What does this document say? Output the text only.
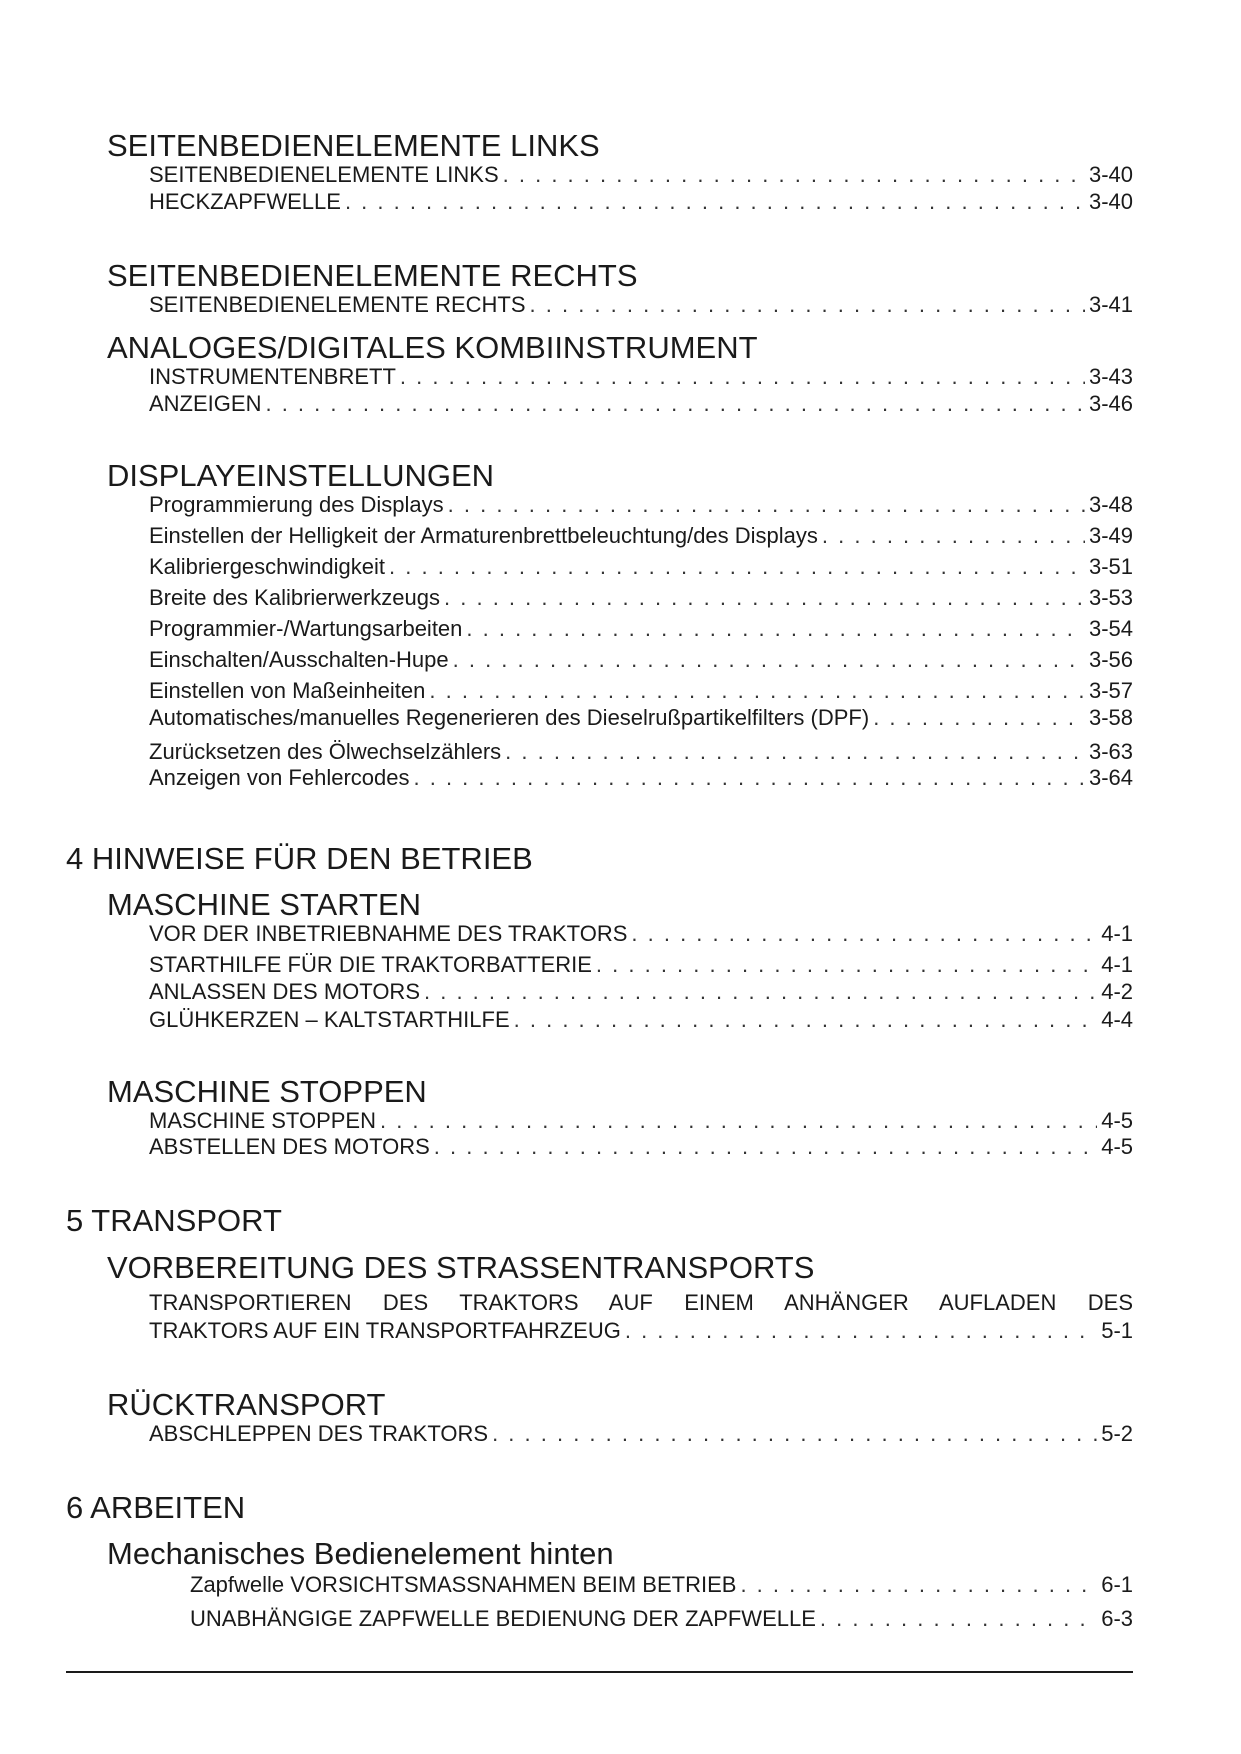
SEITENBEDIENELEMENTE LINKS
SEITENBEDIENELEMENTE LINKS . . .	3-40
HECKZAPFWELLE . . .	3-40
SEITENBEDIENELEMENTE RECHTS
SEITENBEDIENELEMENTE RECHTS . . .	3-41
ANALOGES/DIGITALES KOMBIINSTRUMENT
INSTRUMENTENBRETT . . .	3-43
ANZEIGEN . . .	3-46
DISPLAYEINSTELLUNGEN
Programmierung des Displays . . .	3-48
Einstellen der Helligkeit der Armaturenbrettbeleuchtung/des Displays . . .	3-49
Kalibriergeschwindigkeit . . .	3-51
Breite des Kalibrierwerkzeugs . . .	3-53
Programmier-/Wartungsarbeiten . . .	3-54
Einschalten/Ausschalten-Hupe . . .	3-56
Einstellen von Maßeinheiten . . .	3-57
Automatisches/manuelles Regenerieren des Dieselrußpartikelfilters (DPF) . . .	3-58
Zurücksetzen des Ölwechselzählers . . .	3-63
Anzeigen von Fehlercodes . . .	3-64
4 HINWEISE FÜR DEN BETRIEB
MASCHINE STARTEN
VOR DER INBETRIEBNAHME DES TRAKTORS . . .	4-1
STARTHILFE FÜR DIE TRAKTORBATTERIE . . .	4-1
ANLASSEN DES MOTORS . . .	4-2
GLÜHKERZEN – KALTSTARTHILFE . . .	4-4
MASCHINE STOPPEN
MASCHINE STOPPEN . . .	4-5
ABSTELLEN DES MOTORS . . .	4-5
5 TRANSPORT
VORBEREITUNG DES STRASSENTRANSPORTS
TRANSPORTIEREN DES TRAKTORS AUF EINEM ANHÄNGER AUFLADEN DES
TRAKTORS AUF EIN TRANSPORTFAHRZEUG . . .	5-1
RÜCKTRANSPORT
ABSCHLEPPEN DES TRAKTORS . . .	5-2
6 ARBEITEN
Mechanisches Bedienelement hinten
Zapfwelle VORSICHTSMASSNAHMEN BEIM BETRIEB . . .	6-1
UNABHÄNGIGE ZAPFWELLE BEDIENUNG DER ZAPFWELLE . . .	6-3
